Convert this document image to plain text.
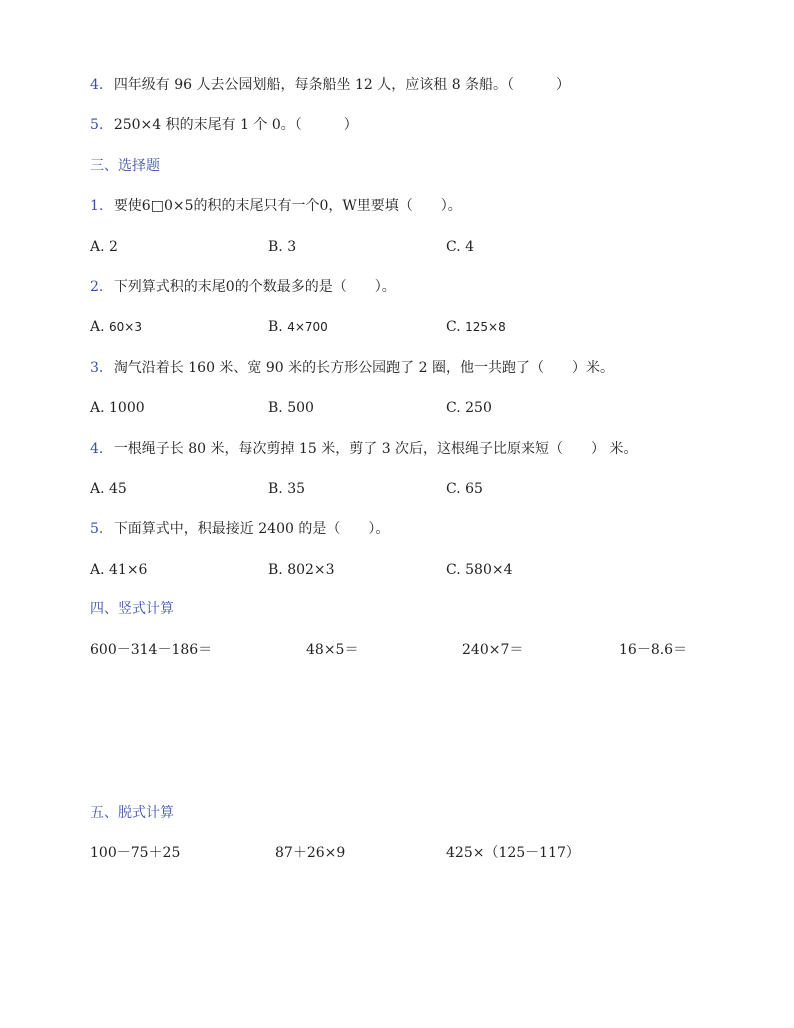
4. 四年级有 96 人去公园划船，每条船坐 12 人，应该租 8 条船。（　　　）
5. 250×4 积的末尾有 1 个 0。（　　　）
三、选择题
1. 要使6□0×5的积的末尾只有一个0，W里要填（　　）。
A. 2	B. 3	C. 4
2. 下列算式积的末尾0的个数最多的是（　　）。
A. 60×3	B. 4×700	C. 125×8
3. 淘气沿着长 160 米、宽 90 米的长方形公园跑了 2 圈，他一共跑了（　　）米。
A. 1000	B. 500	C. 250
4. 一根绳子长 80 米，每次剪掉 15 米，剪了 3 次后，这根绳子比原来短（　　） 米。
A. 45	B. 35	C. 65
5. 下面算式中，积最接近 2400 的是（　　）。
A. 41×6	B. 802×3	C. 580×4
四、竖式计算
600－314－186＝	48×5＝	240×7＝	16－8.6＝
五、脱式计算
100－75＋25	87＋26×9	425×（125－117）
